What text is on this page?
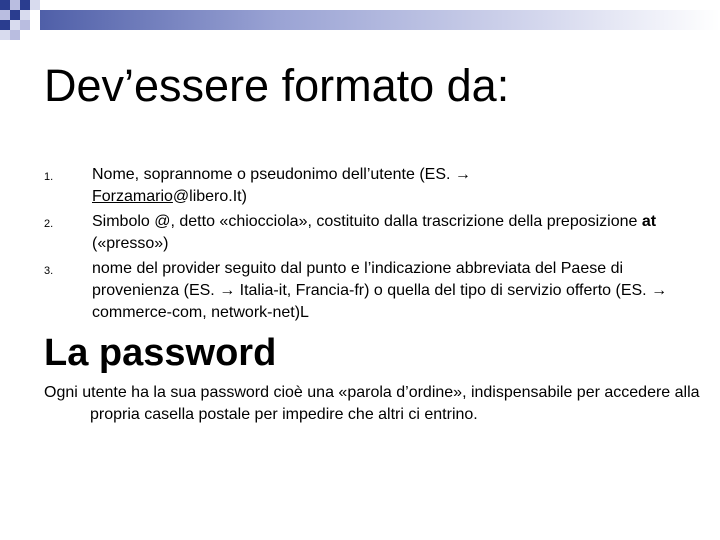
Dev’essere formato da:
1. Nome, soprannome o pseudonimo dell’utente (ES. →
Forzamario@libero.It)
2. Simbolo @, detto «chiocciola», costituito dalla trascrizione della preposizione at («presso»)
3. nome del provider seguito dal punto e l’indicazione abbreviata del Paese di provenienza (ES. → Italia-it, Francia-fr) o quella del tipo di servizio offerto (ES. → commerce-com, network-net)L
La password

Ogni utente ha la sua password cioè una «parola d’ordine», indispensabile per accedere alla propria casella postale per impedire che altri ci entrino.
